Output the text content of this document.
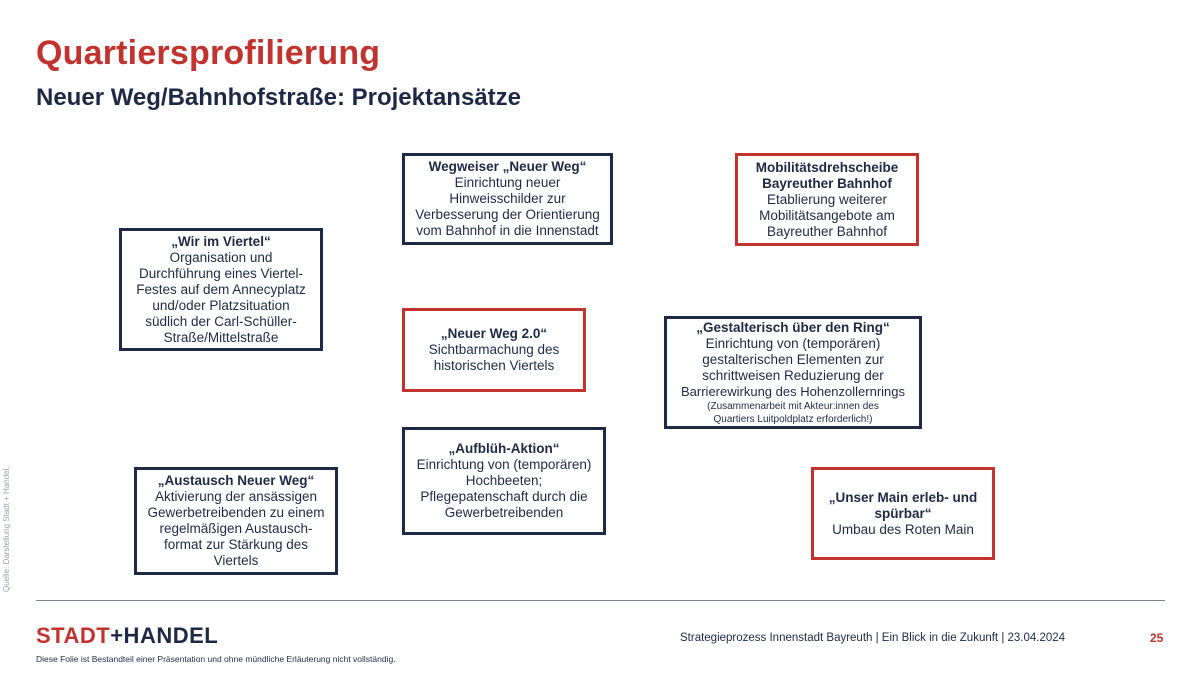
Quartiersprofilierung
Neuer Weg/Bahnhofstraße: Projektansätze
Wegweiser „Neuer Weg“
Einrichtung neuer
Hinweisschilder zur
Verbesserung der Orientierung
vom Bahnhof in die Innenstadt
Mobilitätsdrehscheibe
Bayreuther Bahnhof
Etablierung weiterer
Mobilitätsangebote am
Bayreuther Bahnhof
„Wir im Viertel“
Organisation und
Durchführung eines Viertel-
Festes auf dem Annecyplatz
und/oder Platzsituation
südlich der Carl-Schüller-
Straße/Mittelstraße	„Neuer Weg 2.0“
Sichtbarmachung des
historischen Viertels
„Gestalterisch über den Ring“
Einrichtung von (temporären)
gestalterischen Elementen zur
schrittweisen Reduzierung der
Barrierewirkung des Hohenzollernrings
(Zusammenarbeit mit Akteur:innen des
Quartiers Luitpoldplatz erforderlich!)
„Aufblüh-Aktion“
Einrichtung von (temporären)
Hochbeeten;
Pflegepatenschaft durch die
Gewerbetreibenden
„Austausch Neuer Weg“
Aktivierung der ansässigen
Gewerbetreibenden zu einem
regelmäßigen Austausch-
format zur Stärkung des
Viertels
„Unser Main erleb- und
spürbar“
Umbau des Roten Main
Quelle: Darstellung Stadt + Handel.
STADT+HANDEL
Diese Folie ist Bestandteil einer Präsentation und ohne mündliche Erläuterung nicht vollständig.
Strategieprozess Innenstadt Bayreuth | Ein Blick in die Zukunft | 23.04.2024	25
